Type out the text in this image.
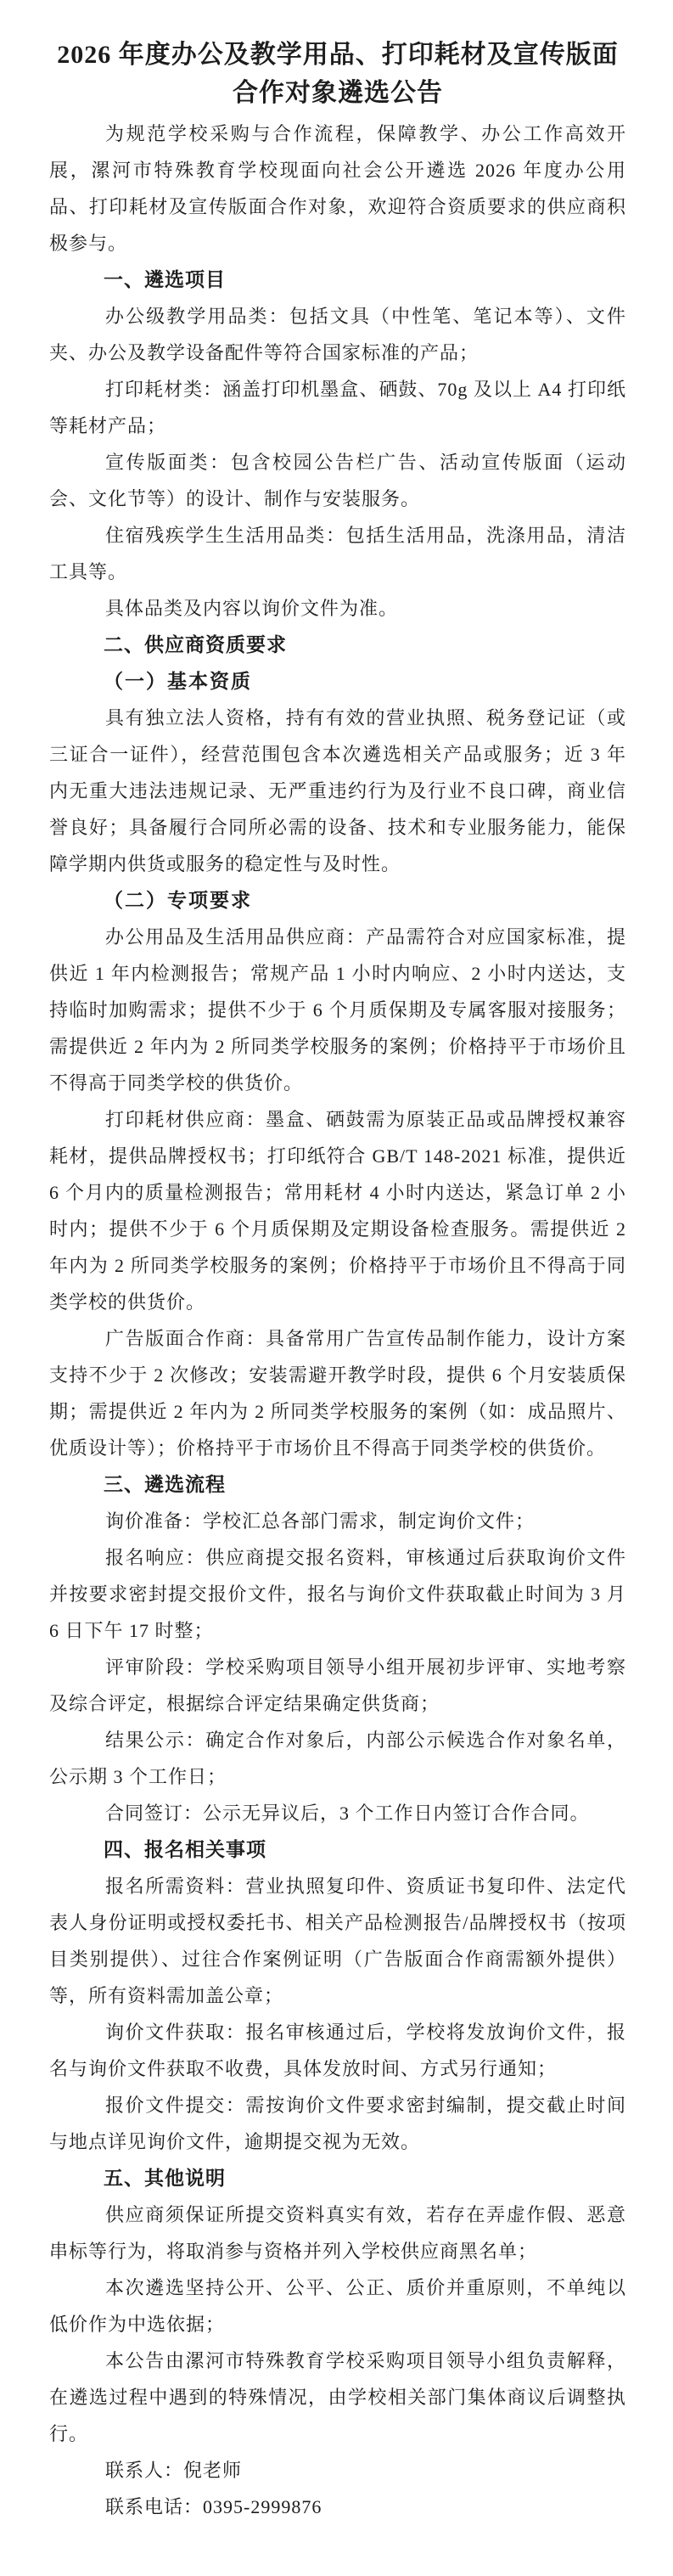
2026 年度办公及教学用品、打印耗材及宣传版面合作对象遴选公告
为规范学校采购与合作流程，保障教学、办公工作高效开展，漯河市特殊教育学校现面向社会公开遴选 2026 年度办公用品、打印耗材及宣传版面合作对象，欢迎符合资质要求的供应商积极参与。
一、遴选项目
办公级教学用品类：包括文具（中性笔、笔记本等）、文件夹、办公及教学设备配件等符合国家标准的产品；
打印耗材类：涵盖打印机墨盒、硒鼓、70g 及以上 A4 打印纸等耗材产品；
宣传版面类：包含校园公告栏广告、活动宣传版面（运动会、文化节等）的设计、制作与安装服务。
住宿残疾学生生活用品类：包括生活用品，洗涤用品，清洁工具等。
具体品类及内容以询价文件为准。
二、供应商资质要求
（一）基本资质
具有独立法人资格，持有有效的营业执照、税务登记证（或三证合一证件），经营范围包含本次遴选相关产品或服务；近 3 年内无重大违法违规记录、无严重违约行为及行业不良口碑，商业信誉良好；具备履行合同所必需的设备、技术和专业服务能力，能保障学期内供货或服务的稳定性与及时性。
（二）专项要求
办公用品及生活用品供应商：产品需符合对应国家标准，提供近 1 年内检测报告；常规产品 1 小时内响应、2 小时内送达，支持临时加购需求；提供不少于 6 个月质保期及专属客服对接服务；需提供近 2 年内为 2 所同类学校服务的案例；价格持平于市场价且不得高于同类学校的供货价。
打印耗材供应商：墨盒、硒鼓需为原装正品或品牌授权兼容耗材，提供品牌授权书；打印纸符合 GB/T 148-2021 标准，提供近 6 个月内的质量检测报告；常用耗材 4 小时内送达，紧急订单 2 小时内；提供不少于 6 个月质保期及定期设备检查服务。需提供近 2 年内为 2 所同类学校服务的案例；价格持平于市场价且不得高于同类学校的供货价。
广告版面合作商：具备常用广告宣传品制作能力，设计方案支持不少于 2 次修改；安装需避开教学时段，提供 6 个月安装质保期；需提供近 2 年内为 2 所同类学校服务的案例（如：成品照片、优质设计等）；价格持平于市场价且不得高于同类学校的供货价。
三、遴选流程
询价准备：学校汇总各部门需求，制定询价文件；
报名响应：供应商提交报名资料，审核通过后获取询价文件并按要求密封提交报价文件，报名与询价文件获取截止时间为 3 月 6 日下午 17 时整；
评审阶段：学校采购项目领导小组开展初步评审、实地考察及综合评定，根据综合评定结果确定供货商；
结果公示：确定合作对象后，内部公示候选合作对象名单，公示期 3 个工作日；
合同签订：公示无异议后，3 个工作日内签订合作合同。
四、报名相关事项
报名所需资料：营业执照复印件、资质证书复印件、法定代表人身份证明或授权委托书、相关产品检测报告/品牌授权书（按项目类别提供）、过往合作案例证明（广告版面合作商需额外提供）等，所有资料需加盖公章；
询价文件获取：报名审核通过后，学校将发放询价文件，报名与询价文件获取不收费，具体发放时间、方式另行通知；
报价文件提交：需按询价文件要求密封编制，提交截止时间与地点详见询价文件，逾期提交视为无效。
五、其他说明
供应商须保证所提交资料真实有效，若存在弄虚作假、恶意串标等行为，将取消参与资格并列入学校供应商黑名单；
本次遴选坚持公开、公平、公正、质价并重原则，不单纯以低价作为中选依据；
本公告由漯河市特殊教育学校采购项目领导小组负责解释，在遴选过程中遇到的特殊情况，由学校相关部门集体商议后调整执行。
联系人：倪老师
联系电话：0395-2999876
